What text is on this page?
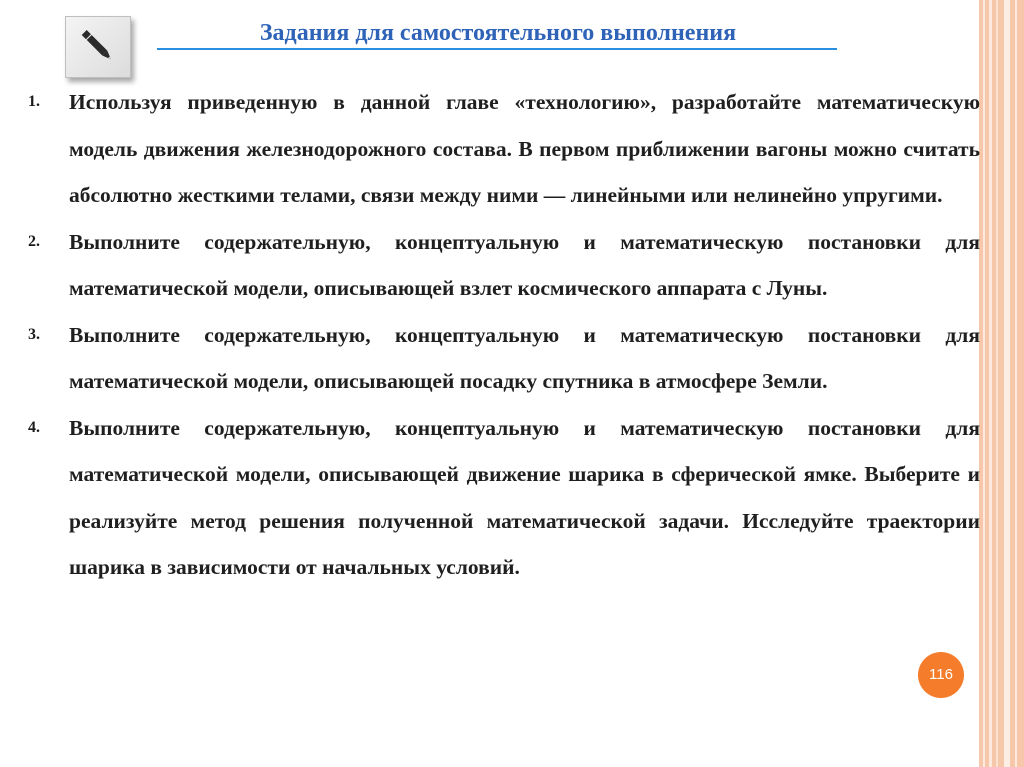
Задания для самостоятельного выполнения
1.	Используя приведенную в данной главе «технологию», разработайте математическую модель движения железнодорожного состава. В первом приближении вагоны можно считать абсолютно жесткими телами, связи между ними — линейными или нелинейно упругими.
2.	Выполните содержательную, концептуальную и математическую постановки для математической модели, описывающей взлет космического аппарата с Луны.
3.	Выполните содержательную, концептуальную и математическую постановки для математической модели, описывающей посадку спутника в атмосфере Земли.
4.	Выполните содержательную, концептуальную и математическую постановки для математической модели, описывающей движение шарика в сферической ямке. Выберите и реализуйте метод решения полученной математической задачи. Исследуйте траектории шарика в зависимости от начальных условий.
116
